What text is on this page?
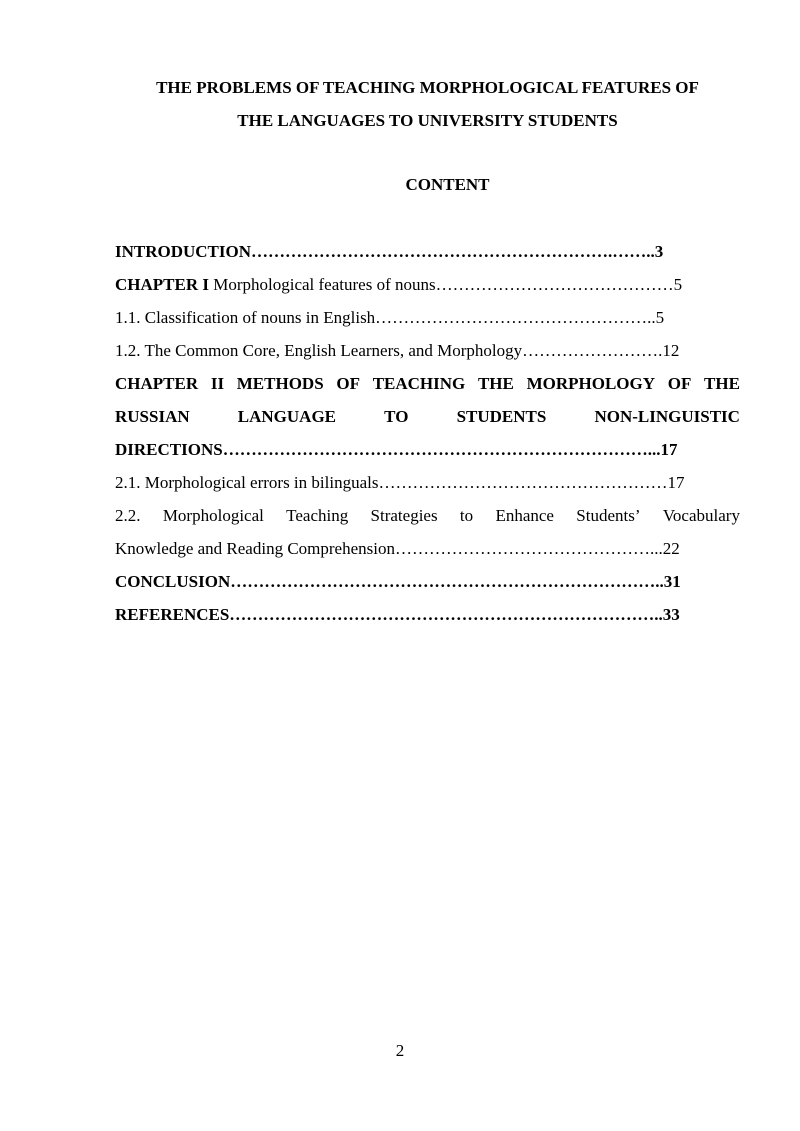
THE PROBLEMS OF TEACHING MORPHOLOGICAL FEATURES OF
THE LANGUAGES TO UNIVERSITY STUDENTS
CONTENT
INTRODUCTION……………………………………………………….……..3
CHAPTER I Morphological features of nouns……………………………………5
1.1. Classification of nouns in English…………………………………………..5
1.2. The Common Core, English Learners, and Morphology…………………….12
CHAPTER II METHODS OF TEACHING THE MORPHOLOGY OF THE
RUSSIAN	LANGUAGE	TO	STUDENTS	NON-LINGUISTIC
DIRECTIONS…………………………………………………………………...17
2.1. Morphological errors in bilinguals……………………………………………17
2.2. Morphological Teaching Strategies to Enhance Students’ Vocabulary
Knowledge and Reading Comprehension………………………………………...22
CONCLUSION…………………………………………………………………..31
REFERENCES…………………………………………………………………..33
2
